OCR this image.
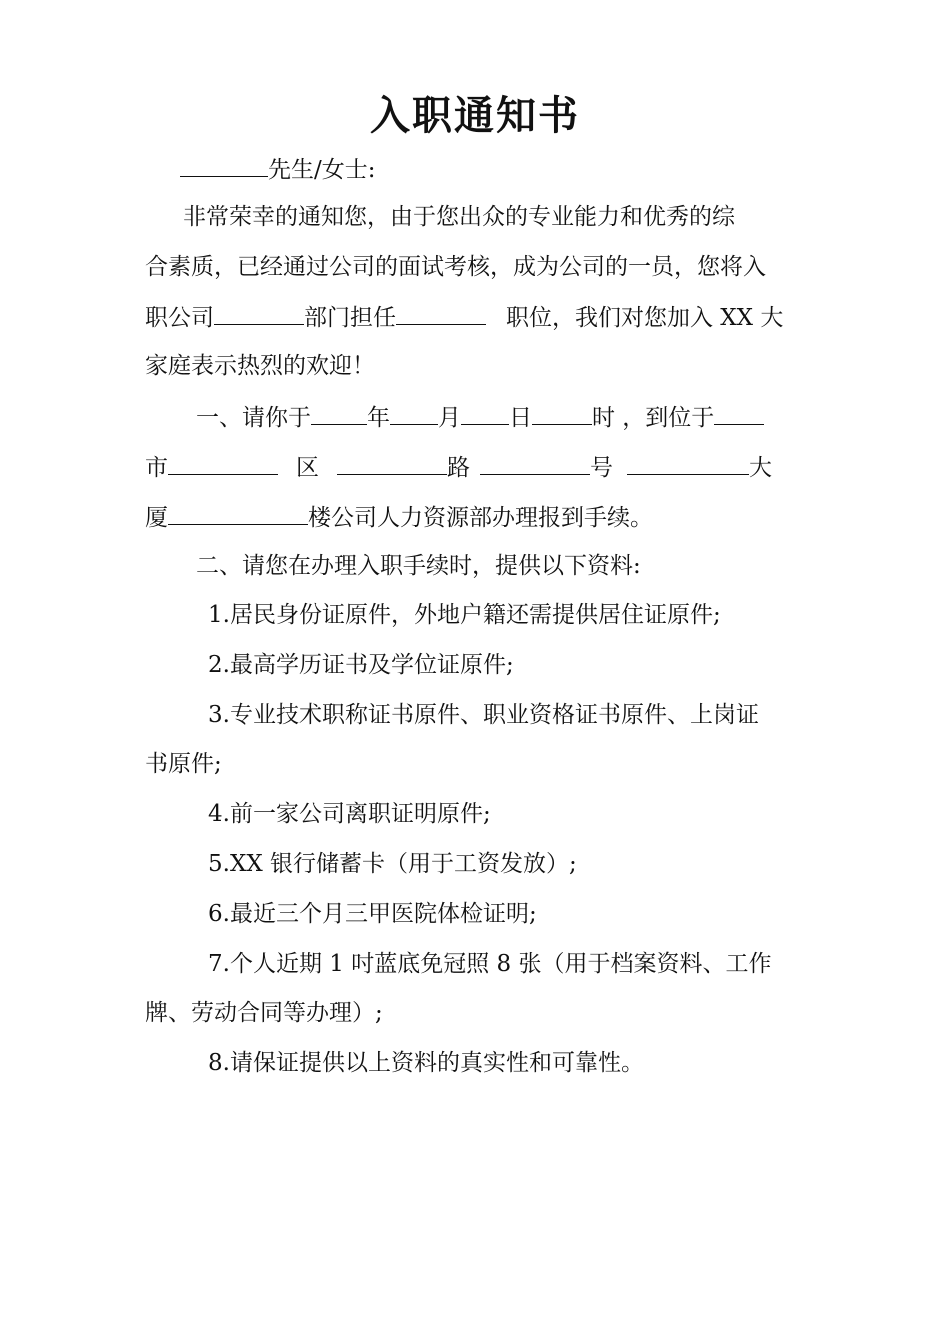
入职通知书
先生/女士:
非常荣幸的通知您，由于您出众的专业能力和优秀的综
合素质，已经通过公司的面试考核，成为公司的一员，您将入
职公司	部门担任	职位，我们对您加入 XX 大
家庭表示热烈的欢迎！
一、请你于 年 月 日	时 ，到位于
市	区	路	号	大
厦	楼公司人力资源部办理报到手续。
二、请您在办理入职手续时，提供以下资料:
1.居民身份证原件，外地户籍还需提供居住证原件;
2.最高学历证书及学位证原件;
3.专业技术职称证书原件、职业资格证书原件、上岗证
书原件;
4.前一家公司离职证明原件;
5.XX 银行储蓄卡（用于工资发放）;
6.最近三个月三甲医院体检证明;
7.个人近期 1 吋蓝底免冠照 8 张（用于档案资料、工作
牌、劳动合同等办理）;
8.请保证提供以上资料的真实性和可靠性。
